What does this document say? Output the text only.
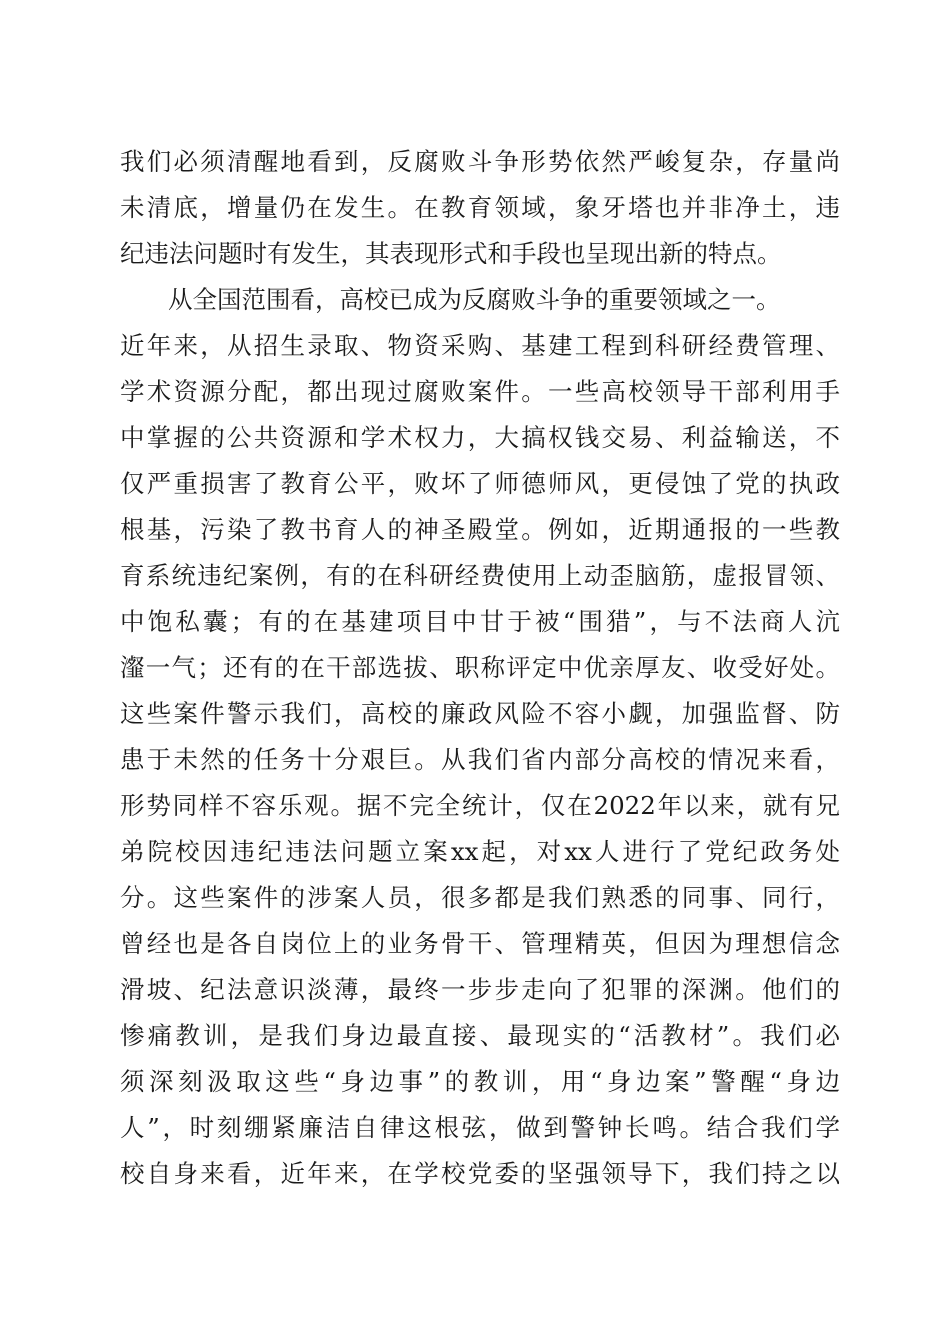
我们必须清醒地看到，反腐败斗争形势依然严峻复杂，存量尚
未清底，增量仍在发生。在教育领域，象牙塔也并非净土，违
纪违法问题时有发生，其表现形式和手段也呈现出新的特点。
从全国范围看，高校已成为反腐败斗争的重要领域之一。
近年来，从招生录取、物资采购、基建工程到科研经费管理、
学术资源分配，都出现过腐败案件。一些高校领导干部利用手
中掌握的公共资源和学术权力，大搞权钱交易、利益输送，不
仅严重损害了教育公平，败坏了师德师风，更侵蚀了党的执政
根基，污染了教书育人的神圣殿堂。例如，近期通报的一些教
育系统违纪案例，有的在科研经费使用上动歪脑筋，虚报冒领、
中饱私囊；有的在基建项目中甘于被“围猎”，与不法商人沆
瀣一气；还有的在干部选拔、职称评定中优亲厚友、收受好处。
这些案件警示我们，高校的廉政风险不容小觑，加强监督、防
患于未然的任务十分艰巨。从我们省内部分高校的情况来看，
形势同样不容乐观。据不完全统计，仅在2022年以来，就有兄
弟院校因违纪违法问题立案xx起，对xx人进行了党纪政务处
分。这些案件的涉案人员，很多都是我们熟悉的同事、同行，
曾经也是各自岗位上的业务骨干、管理精英，但因为理想信念
滑坡、纪法意识淡薄，最终一步步走向了犯罪的深渊。他们的
惨痛教训，是我们身边最直接、最现实的“活教材”。我们必
须深刻汲取这些“身边事”的教训，用“身边案”警醒“身边
人”，时刻绷紧廉洁自律这根弦，做到警钟长鸣。结合我们学
校自身来看，近年来，在学校党委的坚强领导下，我们持之以
